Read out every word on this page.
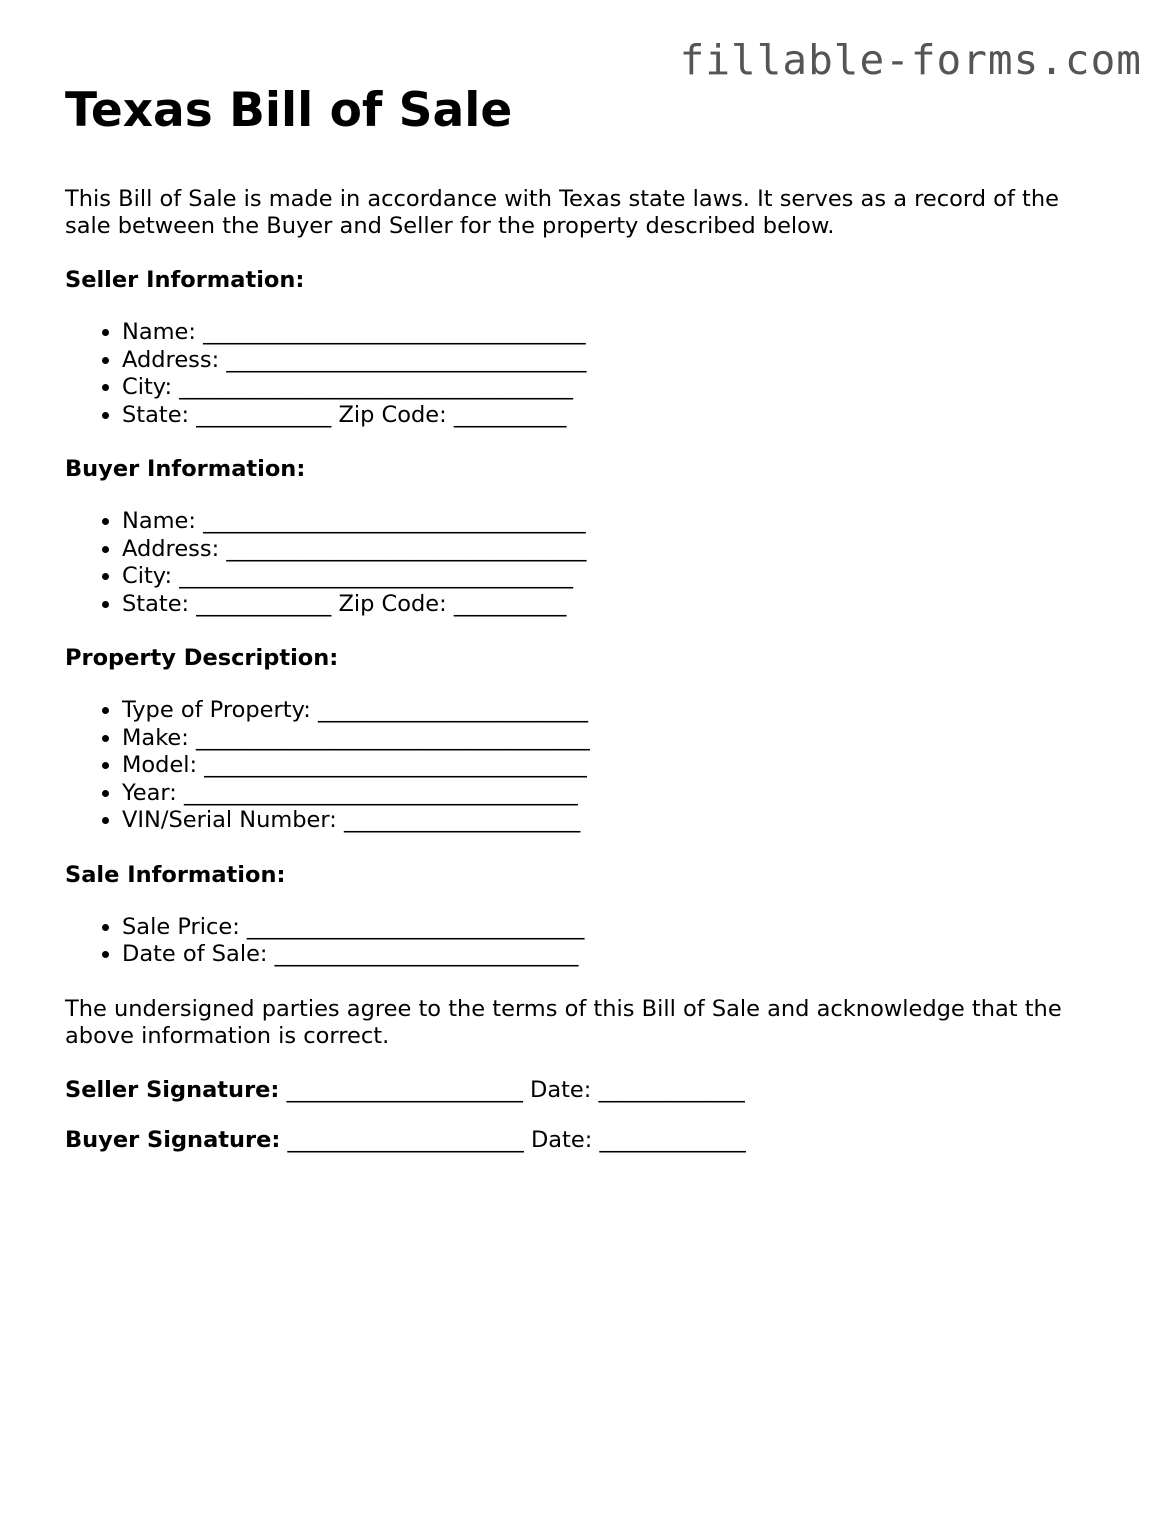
fillable-forms.com
Texas Bill of Sale

This Bill of Sale is made in accordance with Texas state laws. It serves as a record of the sale between the Buyer and Seller for the property described below.

Seller Information:
• Name: __________________________________
• Address: ________________________________
• City: ___________________________________
• State: ____________ Zip Code: __________
Buyer Information:
• Name: __________________________________
• Address: ________________________________
• City: ___________________________________
• State: ____________ Zip Code: __________
Property Description:
• Type of Property: ________________________
• Make: ___________________________________
• Model: __________________________________
• Year: ___________________________________
• VIN/Serial Number: _____________________
Sale Information:
• Sale Price: ______________________________
• Date of Sale: ___________________________

The undersigned parties agree to the terms of this Bill of Sale and acknowledge that the above information is correct.

Seller Signature: _____________________ Date: _____________
Buyer Signature: _____________________ Date: _____________
